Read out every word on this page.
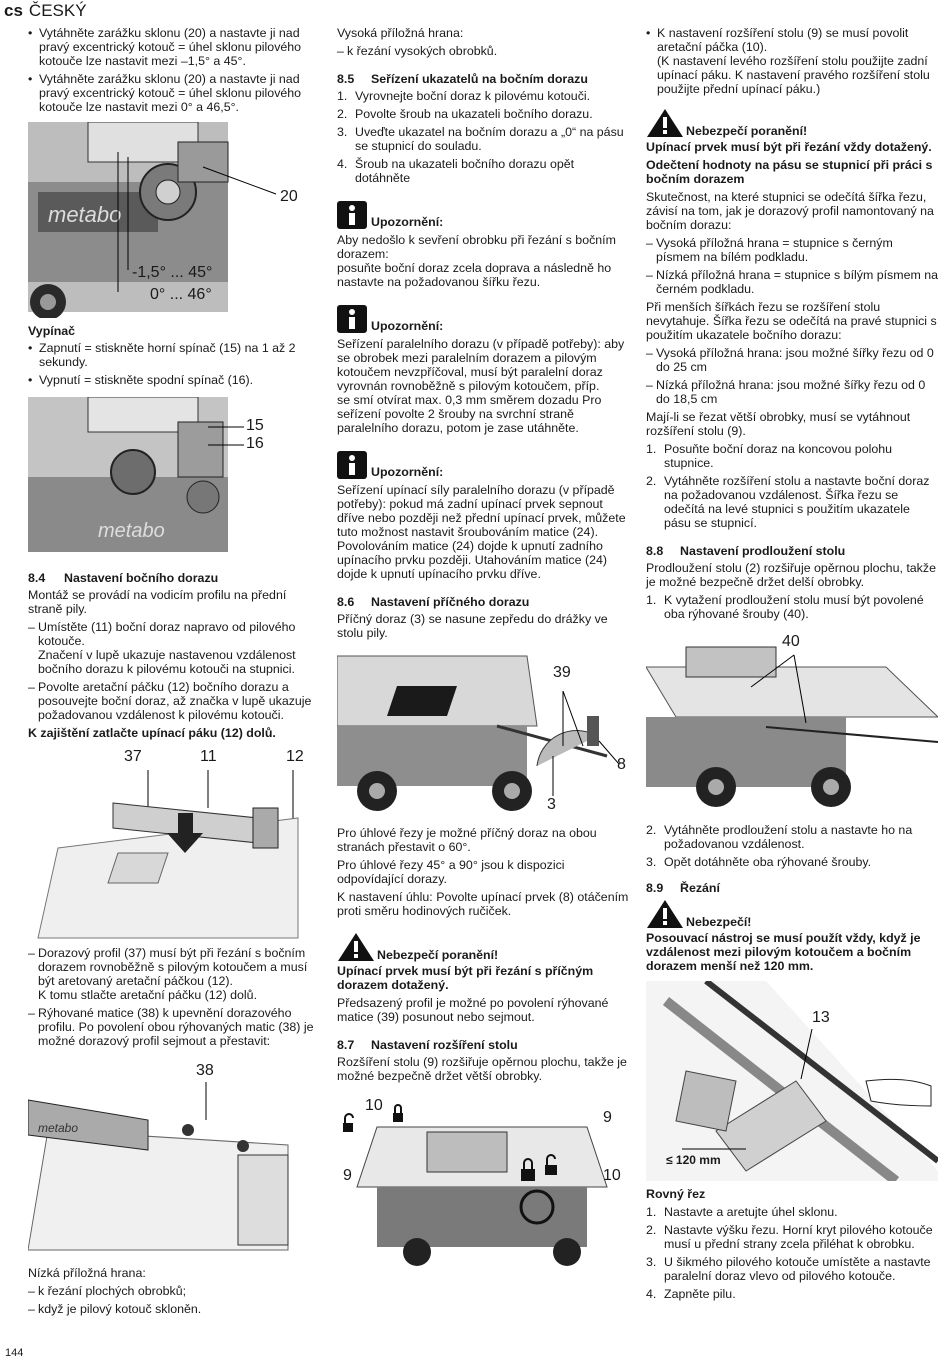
cs ČESKÝ
• Vytáhněte zarážku sklonu (20) a nastavte ji nad pravý excentrický kotouč = úhel sklonu pilového kotouče lze nastavit mezi –1,5° a 45°.
• Vytáhněte zarážku sklonu (20) a nastavte ji nad pravý excentrický kotouč = úhel sklonu pilového kotouče lze nastavit mezi 0° a 46,5°.
metabo
20
-1,5° ... 45°
0° ... 46°
Vypínač
• Zapnutí = stiskněte horní spínač (15) na 1 až 2 sekundy.
• Vypnutí = stiskněte spodní spínač (16).
metabo
15
16
8.4 Nastavení bočního dorazu

Montáž se provádí na vodicím profilu na přední straně pily.

– Umístěte (11) boční doraz napravo od pilového kotouče.
Značení v lupě ukazuje nastavenou vzdálenost bočního dorazu k pilovému kotouči na stupnici.
– Povolte aretační páčku (12) bočního dorazu a posouvejte boční doraz, až značka v lupě ukazuje požadovanou vzdálenost k pilovému kotouči.
K zajištění zatlačte upínací páku (12) dolů.
37	11	12
– Dorazový profil (37) musí být při řezání s bočním dorazem rovnoběžně s pilovým kotoučem a musí být aretovaný aretační páčkou (12).
K tomu stlačte aretační páčku (12) dolů.
– Rýhované matice (38) k upevnění dorazového profilu. Po povolení obou rýhovaných matic (38) je možné dorazový profil sejmout a přestavit:
metabo
38

Nízká příložná hrana:

– k řezání plochých obrobků;
– když je pilový kotouč skloněn.
144

Vysoká příložná hrana:

– k řezání vysokých obrobků.
8.5 Seřízení ukazatelů na bočním dorazu
1. Vyrovnejte boční doraz k pilovému kotouči.
2. Povolte šroub na ukazateli bočního dorazu.
3. Uveďte ukazatel na bočním dorazu a „0“ na pásu se stupnicí do souladu.
4. Šroub na ukazateli bočního dorazu opět dotáhněte
Upozornění:

Aby nedošlo k sevření obrobku při řezání s bočním dorazem:

posuňte boční doraz zcela doprava a následně ho nastavte na požadovanou šířku řezu.

Upozornění:

Seřízení paralelního dorazu (v případě potřeby): aby se obrobek mezi paralelním dorazem a pilovým kotoučem nevzpříčoval, musí být paralelní doraz vyrovnán rovnoběžně s pilovým kotoučem, příp.

se smí otvírat max. 0,3 mm směrem dozadu Pro seřízení povolte 2 šrouby na svrchní straně paralelního dorazu, potom je zase utáhněte.

Upozornění:

Seřízení upínací síly paralelního dorazu (v případě potřeby): pokud má zadní upínací prvek sepnout dříve nebo později než přední upínací prvek, můžete tuto možnost nastavit šroubováním matice (24). Povolováním matice (24) dojde k upnutí zadního upínacího prvku později. Utahováním matice (24) dojde k upnutí upínacího prvku dříve.

8.6 Nastavení příčného dorazu

Příčný doraz (3) se nasune zepředu do drážky ve stolu pily.

39
8
3

Pro úhlové řezy je možné příčný doraz na obou stranách přestavit o 60°.

Pro úhlové řezy 45° a 90° jsou k dispozici odpovídající dorazy.

K nastavení úhlu: Povolte upínací prvek (8) otáčením proti směru hodinových ručiček.

Nebezpečí poranění!

Upínací prvek musí být při řezání s příčným dorazem dotažený.

Předsazený profil je možné po povolení rýhované matice (39) posunout nebo sejmout.

8.7 Nastavení rozšíření stolu

Rozšíření stolu (9) rozšiřuje opěrnou plochu, takže je možné bezpečně držet větší obrobky.

10
9
9
10
• K nastavení rozšíření stolu (9) se musí povolit aretační páčka (10).
(K nastavení levého rozšíření stolu použijte zadní upínací páku. K nastavení pravého rozšíření stolu použijte přední upínací páku.)
Nebezpečí poranění!

Upínací prvek musí být při řezání vždy dotažený.

Odečtení hodnoty na pásu se stupnicí při práci s bočním dorazem

Skutečnost, na které stupnici se odečítá šířka řezu, závisí na tom, jak je dorazový profil namontovaný na bočním dorazu:

– Vysoká příložná hrana = stupnice s černým písmem na bílém podkladu.
– Nízká příložná hrana = stupnice s bílým písmem na černém podkladu.

Při menších šířkách řezu se rozšíření stolu nevytahuje. Šířka řezu se odečítá na pravé stupnici s použitím ukazatele bočního dorazu:

– Vysoká příložná hrana: jsou možné šířky řezu od 0 do 25 cm
– Nízká příložná hrana: jsou možné šířky řezu od 0 do 18,5 cm

Mají-li se řezat větší obrobky, musí se vytáhnout rozšíření stolu (9).

1. Posuňte boční doraz na koncovou polohu stupnice.
2. Vytáhněte rozšíření stolu a nastavte boční doraz na požadovanou vzdálenost. Šířka řezu se odečítá na levé stupnici s použitím ukazatele pásu se stupnicí.
8.8 Nastavení prodloužení stolu

Prodloužení stolu (2) rozšiřuje opěrnou plochu, takže je možné bezpečně držet delší obrobky.

1. K vytažení prodloužení stolu musí být povolené oba rýhované šrouby (40).
40
2. Vytáhněte prodloužení stolu a nastavte ho na požadovanou vzdálenost.
3. Opět dotáhněte oba rýhované šrouby.
8.9 Řezání
Nebezpečí!

Posouvací nástroj se musí použít vždy, když je vzdálenost mezi pilovým kotoučem a bočním dorazem menší než 120 mm.

13
≤ 120 mm

Rovný řez

1. Nastavte a aretujte úhel sklonu.
2. Nastavte výšku řezu. Horní kryt pilového kotouče musí u přední strany zcela přiléhat k obrobku.
3. U šikmého pilového kotouče umístěte a nastavte paralelní doraz vlevo od pilového kotouče.
4. Zapněte pilu.
